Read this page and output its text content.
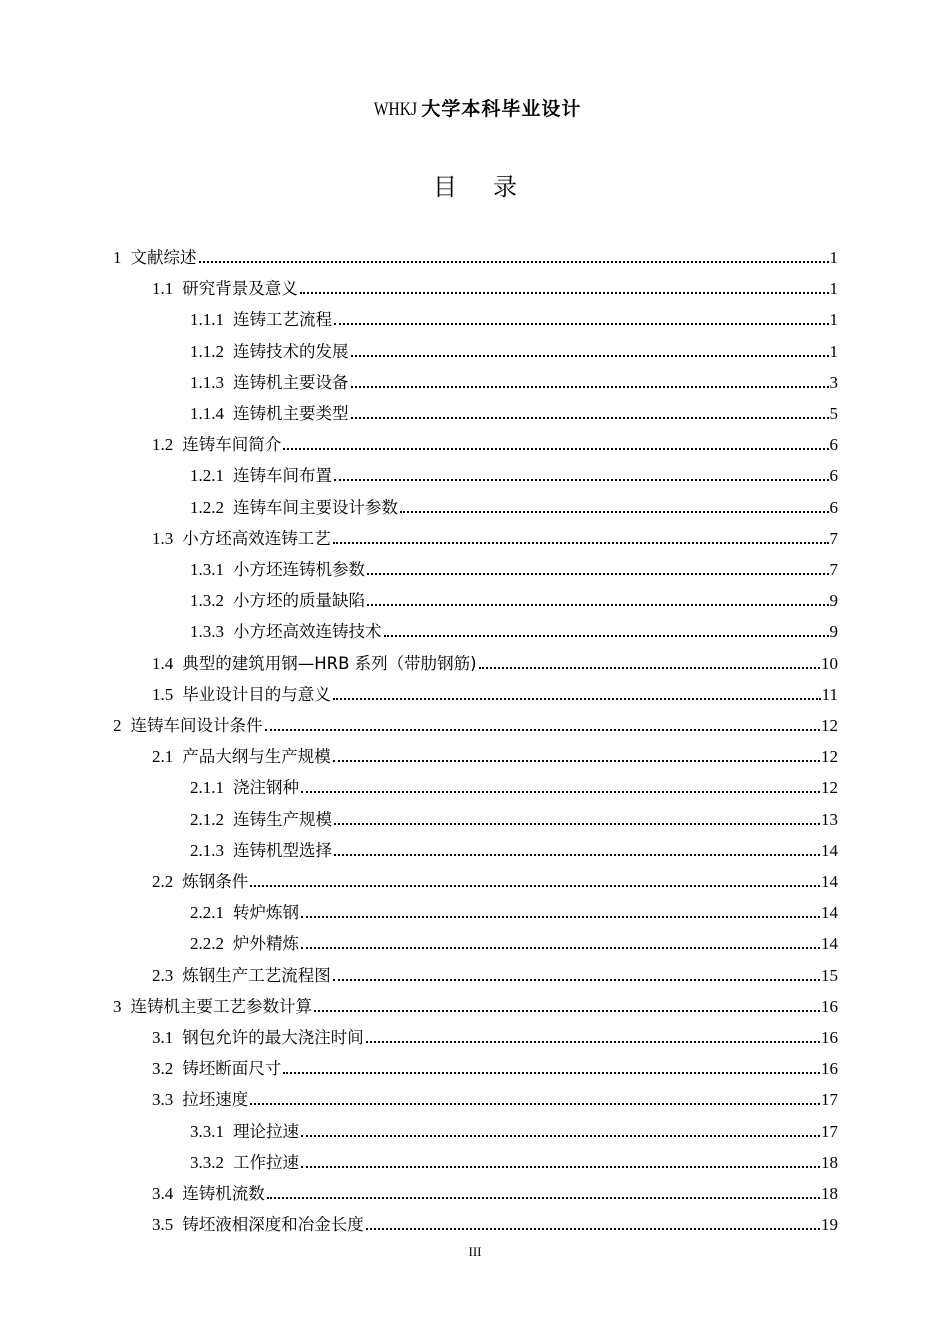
WHKJ 大学本科毕业设计
目录
1 文献综述	1
1.1 研究背景及意义	1
1.1.1 连铸工艺流程	1
1.1.2 连铸技术的发展	1
1.1.3 连铸机主要设备	3
1.1.4 连铸机主要类型	5
1.2 连铸车间简介	6
1.2.1 连铸车间布置	6
1.2.2 连铸车间主要设计参数	6
1.3 小方坯高效连铸工艺	7
1.3.1 小方坯连铸机参数	7
1.3.2 小方坯的质量缺陷	9
1.3.3 小方坯高效连铸技术	9
1.4 典型的建筑用钢—HRB 系列（带肋钢筋)	10
1.5 毕业设计目的与意义	11
2 连铸车间设计条件	12
2.1 产品大纲与生产规模	12
2.1.1 浇注钢种	12
2.1.2 连铸生产规模	13
2.1.3 连铸机型选择	14
2.2 炼钢条件	14
2.2.1 转炉炼钢	14
2.2.2 炉外精炼	14
2.3 炼钢生产工艺流程图	15
3 连铸机主要工艺参数计算	16
3.1 钢包允许的最大浇注时间	16
3.2 铸坯断面尺寸	16
3.3 拉坯速度	17
3.3.1 理论拉速	17
3.3.2 工作拉速	18
3.4 连铸机流数	18
3.5 铸坯液相深度和冶金长度	19
III
